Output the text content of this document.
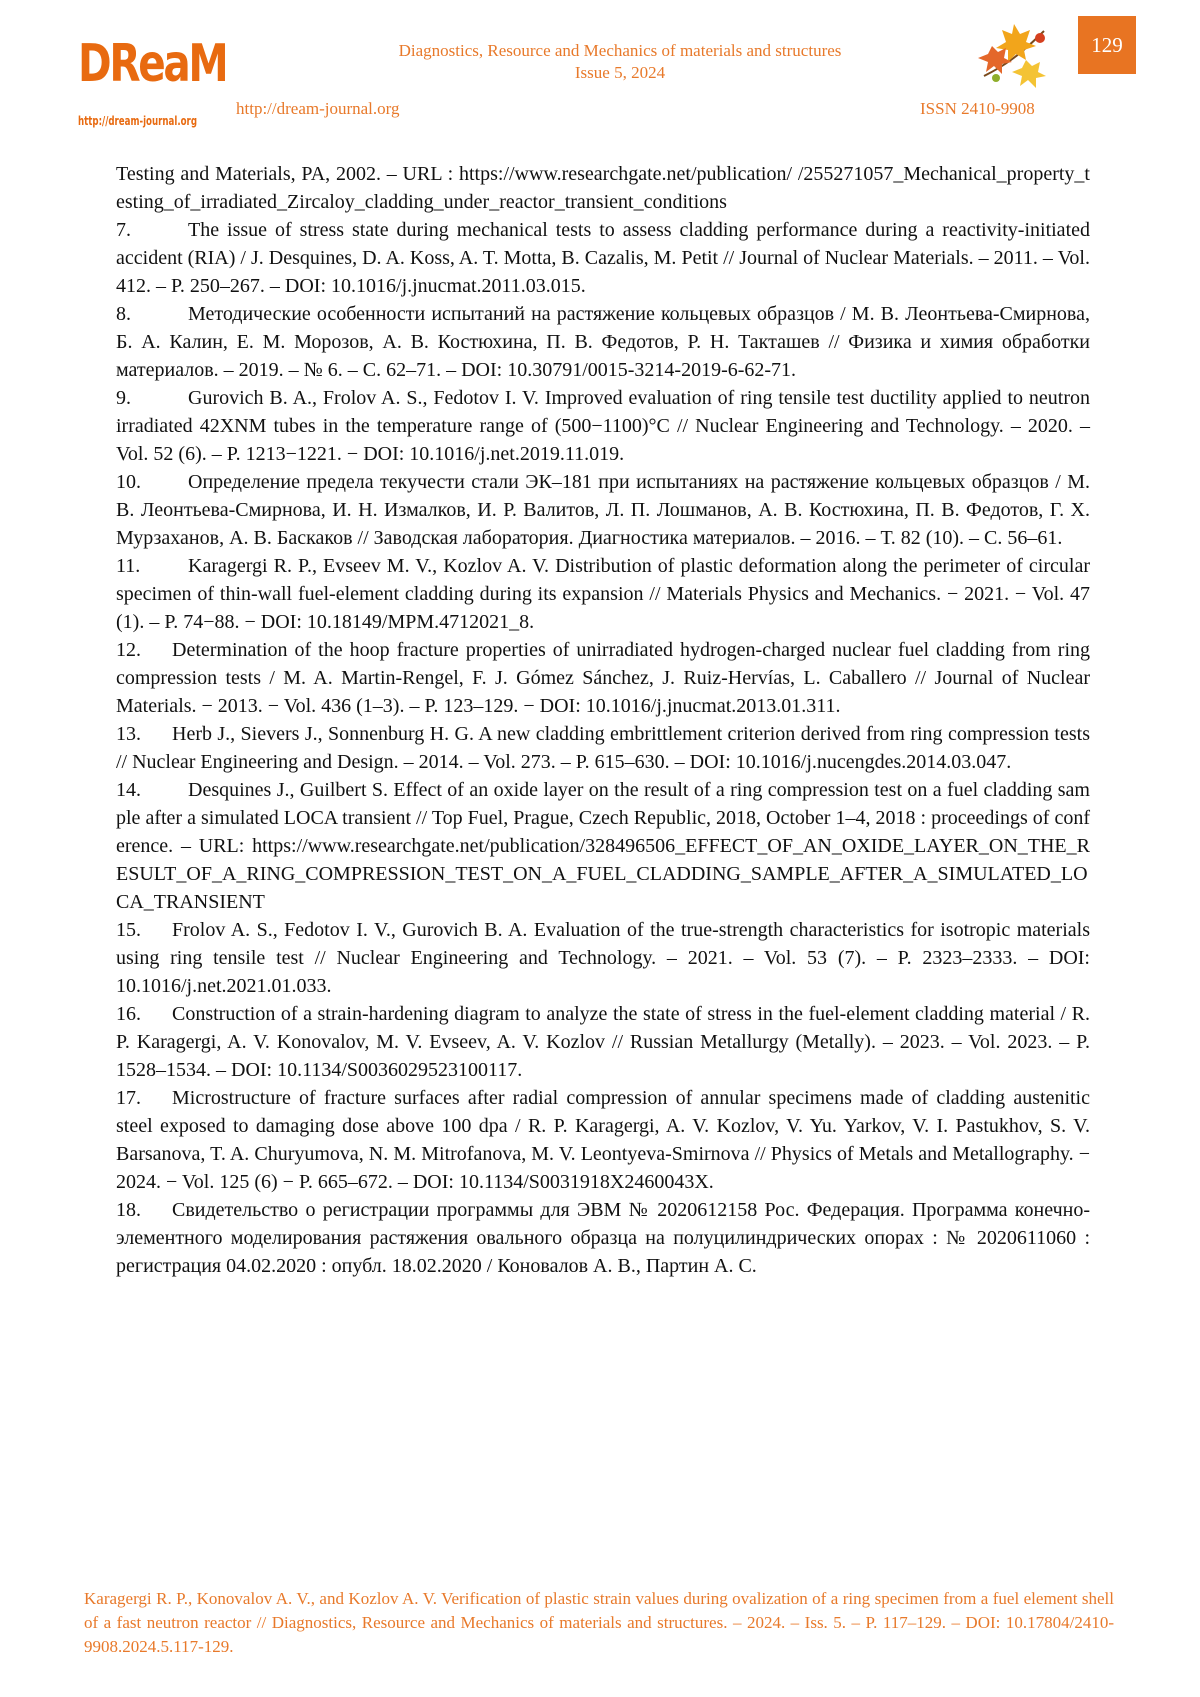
DReaM
http://dream-journal.org
Diagnostics, Resource and Mechanics of materials and structures
Issue 5, 2024
http://dream-journal.org	ISSN 2410-9908
129

Testing and Materials, PA, 2002. – URL : https://www.researchgate.net/publication/ /255271057_Mechanical_property_testing_of_irradiated_Zircaloy_cladding_under_reactor_transient_conditions

7.	The issue of stress state during mechanical tests to assess cladding performance during a reactivity-initiated accident (RIA) / J. Desquines, D. A. Koss, A. T. Motta, B. Cazalis, M. Petit // Journal of Nuclear Materials. – 2011. – Vol. 412. – P. 250–267. – DOI: 10.1016/j.jnucmat.2011.03.015.

8.	Методические особенности испытаний на растяжение кольцевых образцов / М. В. Леонтьева-Смирнова, Б. А. Калин, Е. М. Морозов, А. В. Костюхина, П. В. Федотов, Р. Н. Такташев // Физика и химия обработки материалов. – 2019. – № 6. – С. 62–71. – DOI: 10.30791/0015-3214-2019-6-62-71.

9.	Gurovich B. A., Frolov A. S., Fedotov I. V. Improved evaluation of ring tensile test ductility applied to neutron irradiated 42XNM tubes in the temperature range of (500−1100)°C // Nuclear Engineering and Technology. – 2020. – Vol. 52 (6). – P. 1213−1221. − DOI: 10.1016/j.net.2019.11.019.

10. Определение предела текучести стали ЭК–181 при испытаниях на растяжение кольцевых образцов / М. В. Леонтьева-Смирнова, И. Н. Измалков, И. Р. Валитов, Л. П. Лошманов, А. В. Костюхина, П. В. Федотов, Г. Х. Мурзаханов, А. В. Баскаков // Заводская лаборатория. Диагностика материалов. – 2016. – Т. 82 (10). – С. 56–61.

11. Karagergi R. P., Evseev M. V., Kozlov A. V. Distribution of plastic deformation along the perimeter of circular specimen of thin-wall fuel-element cladding during its expansion // Materials Physics and Mechanics. − 2021. − Vol. 47 (1). – P. 74−88. − DOI: 10.18149/MPM.4712021_8.

12. Determination of the hoop fracture properties of unirradiated hydrogen-charged nuclear fuel cladding from ring compression tests / M. A. Martin-Rengel, F. J. Gómez Sánchez, J. Ruiz-Hervías, L. Caballero // Journal of Nuclear Materials. − 2013. − Vol. 436 (1–3). – P. 123–129. − DOI: 10.1016/j.jnucmat.2013.01.311.

13. Herb J., Sievers J., Sonnenburg H. G. A new cladding embrittlement criterion derived from ring compression tests // Nuclear Engineering and Design. – 2014. – Vol. 273. – P. 615–630. – DOI: 10.1016/j.nucengdes.2014.03.047.

14. Desquines J., Guilbert S. Effect of an oxide layer on the result of a ring compression test on a fuel cladding sample after a simulated LOCA transient // Top Fuel, Prague, Czech Republic, 2018, October 1–4, 2018 : proceedings of conference. – URL: https://www.researchgate.net/publication/328496506_EFFECT_OF_AN_OXIDE_LAYER_ON_THE_RESULT_OF_A_RING_COMPRESSION_TEST_ON_A_FUEL_CLADDING_SAMPLE_AFTER_A_SIMULATED_LOCA_TRANSIENT

15. Frolov A. S., Fedotov I. V., Gurovich B. A. Evaluation of the true-strength characteristics for isotropic materials using ring tensile test // Nuclear Engineering and Technology. – 2021. – Vol. 53 (7). – P. 2323–2333. – DOI: 10.1016/j.net.2021.01.033.

16. Construction of a strain-hardening diagram to analyze the state of stress in the fuel-element cladding material / R. P. Karagergi, A. V. Konovalov, M. V. Evseev, A. V. Kozlov // Russian Metallurgy (Metally). – 2023. – Vol. 2023. – P. 1528–1534. – DOI: 10.1134/S0036029523100117.

17. Microstructure of fracture surfaces after radial compression of annular specimens made of cladding austenitic steel exposed to damaging dose above 100 dpa / R. P. Karagergi, A. V. Kozlov, V. Yu. Yarkov, V. I. Pastukhov, S. V. Barsanova, T. A. Churyumova, N. M. Mitrofanova, M. V. Leontyeva-Smirnova // Physics of Metals and Metallography. − 2024. − Vol. 125 (6) − P. 665–672. – DOI: 10.1134/S0031918X2460043X.

18. Свидетельство о регистрации программы для ЭВМ № 2020612158 Рос. Федерация. Программа конечно-элементного моделирования растяжения овального образца на полуцилиндрических опорах : № 2020611060 : регистрация 04.02.2020 : опубл. 18.02.2020 / Коновалов А. В., Партин А. С.

Karagergi R. P., Konovalov A. V., and Kozlov A. V. Verification of plastic strain values during ovalization of a ring specimen from a fuel element shell of a fast neutron reactor // Diagnostics, Resource and Mechanics of materials and structures. – 2024. – Iss. 5. – P. 117–129. – DOI: 10.17804/2410-9908.2024.5.117-129.
